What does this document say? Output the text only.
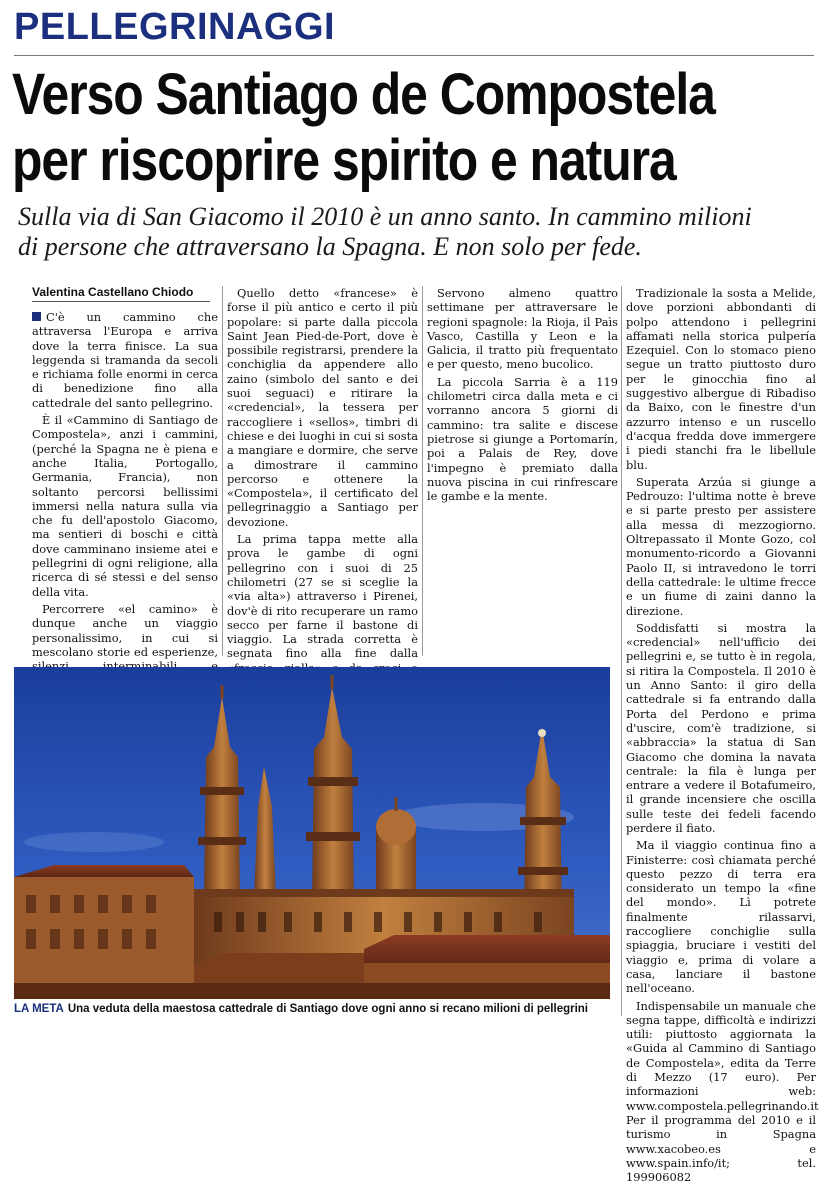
PELLEGRINAGGI
Verso Santiago de Compostela
per riscoprire spirito e natura
Sulla via di San Giacomo il 2010 è un anno santo. In cammino milioni
di persone che attraversano la Spagna. E non solo per fede.
Valentina Castellano Chiodo

C'è un cammino che attraversa l'Europa e arriva dove la terra finisce. La sua leggenda si tramanda da secoli e richiama folle enormi in cerca di benedizione fino alla cattedrale del santo pellegrino.

È il «Cammino di Santiago de Compostela», anzi i cammini, (perché la Spagna ne è piena e anche Italia, Portogallo, Germania, Francia), non soltanto percorsi bellissimi immersi nella natura sulla via che fu dell'apostolo Giacomo, ma sentieri di boschi e città dove camminano insieme atei e pellegrini di ogni religione, alla ricerca di sé stessi e del senso della vita.

Percorrere «el camino» è dunque anche un viaggio personalissimo, in cui si mescolano storie ed esperienze,

Quello detto «francese» è forse il più antico e certo il più popolare: si parte dalla piccola Saint Jean Pied-de-Port, dove è possibile registrarsi, prendere la conchiglia da appendere allo zaino (simbolo del santo e dei suoi seguaci) e ritirare la «credencial», la tessera per raccogliere i «sellos», timbri di chiese e dei luoghi in cui si sosta a mangiare e dormire, che serve a dimostrare il cammino percorso e ottenere la «Compostela», il certificato del pellegrinaggio a Santiago per devozione.

La prima tappa mette alla prova le gambe di ogni pellegrino con i suoi di 25 chilometri (27 se si sceglie la «via alta») attraverso i Pirenei, dov'è di rito recuperare un ramo secco per farne il bastone di viaggio. La strada corretta è segnata fino alla fine dalla

Servono almeno quattro settimane per attraversare le regioni spagnole: la Rioja, il Paìs Vasco, Castilla y Leon e la Galicia, il tratto più frequentato e per questo, meno bucolico.

La piccola Sarria è a 119 chilometri circa dalla meta e ci vorranno ancora 5 giorni di cammino: tra salite e discese pietrose si giunge a Portomarín, poi a Palais de Rey, dove l'impegno è premiato dalla nuova piscina in cui rinfrescare le gambe e la mente.

Tradizionale la sosta a Melide, dove porzioni abbondanti di polpo attendono i pellegrini affamati nella storica pulpería Ezequiel. Con lo stomaco pieno segue un tratto piuttosto duro per le ginocchia fino al suggestivo albergue di Ribadiso da Baixo, con le finestre d'un azzurro intenso e un ruscello d'acqua fredda dove immergere i piedi stanchi fra le libellule blu.

Superata Arzúa si giunge a Pedrouzo: l'ultima notte è breve e si parte presto per assistere alla messa di mezzogiorno. Oltrepassato il Monte Gozo, col monumento-ricordo a Giovanni Paolo II, si intravedono le torri della cattedrale: le ultime frecce e un fiume di zaini danno la direzione.

Soddisfatti si mostra la «credencial» nell'ufficio dei pellegrini e, se tutto è in regola, si ritira la Compostela. Il 2010 è un Anno Santo: il giro della cattedrale si fa entrando dalla Porta del Perdono e prima d'uscire, com'è tradizione, si «abbraccia» la statua di San Giacomo che domina la navata centrale: la fila è lunga per entrare a vedere il Botafumeiro, il grande incensiere che oscilla sulle teste dei fedeli facendo perdere il fiato.

Ma il viaggio continua fino a Finisterre: così chiamata perché questo pezzo di terra era considerato un tempo la «fine del mondo». Lì potrete finalmente rilassarvi, raccogliere conchiglie sulla spiaggia, bruciare i vestiti del viaggio e, prima di volare a casa, lanciare il bastone nell'oceano.

Indispensabile un manuale che segna tappe, difficoltà e indirizzi utili: piuttosto aggiornata la «Guida al Cammino di Santiago de Compostela», edita da Terre di Mezzo (17 euro). Per informazioni web: www.compostela.pellegrinando.it Per il programma del 2010 e il turismo in Spagna www.xacobeo.es e www.spain.info/it; tel. 199906082

LA META Una veduta della maestosa cattedrale di Santiago dove ogni anno si recano milioni di pellegrini
